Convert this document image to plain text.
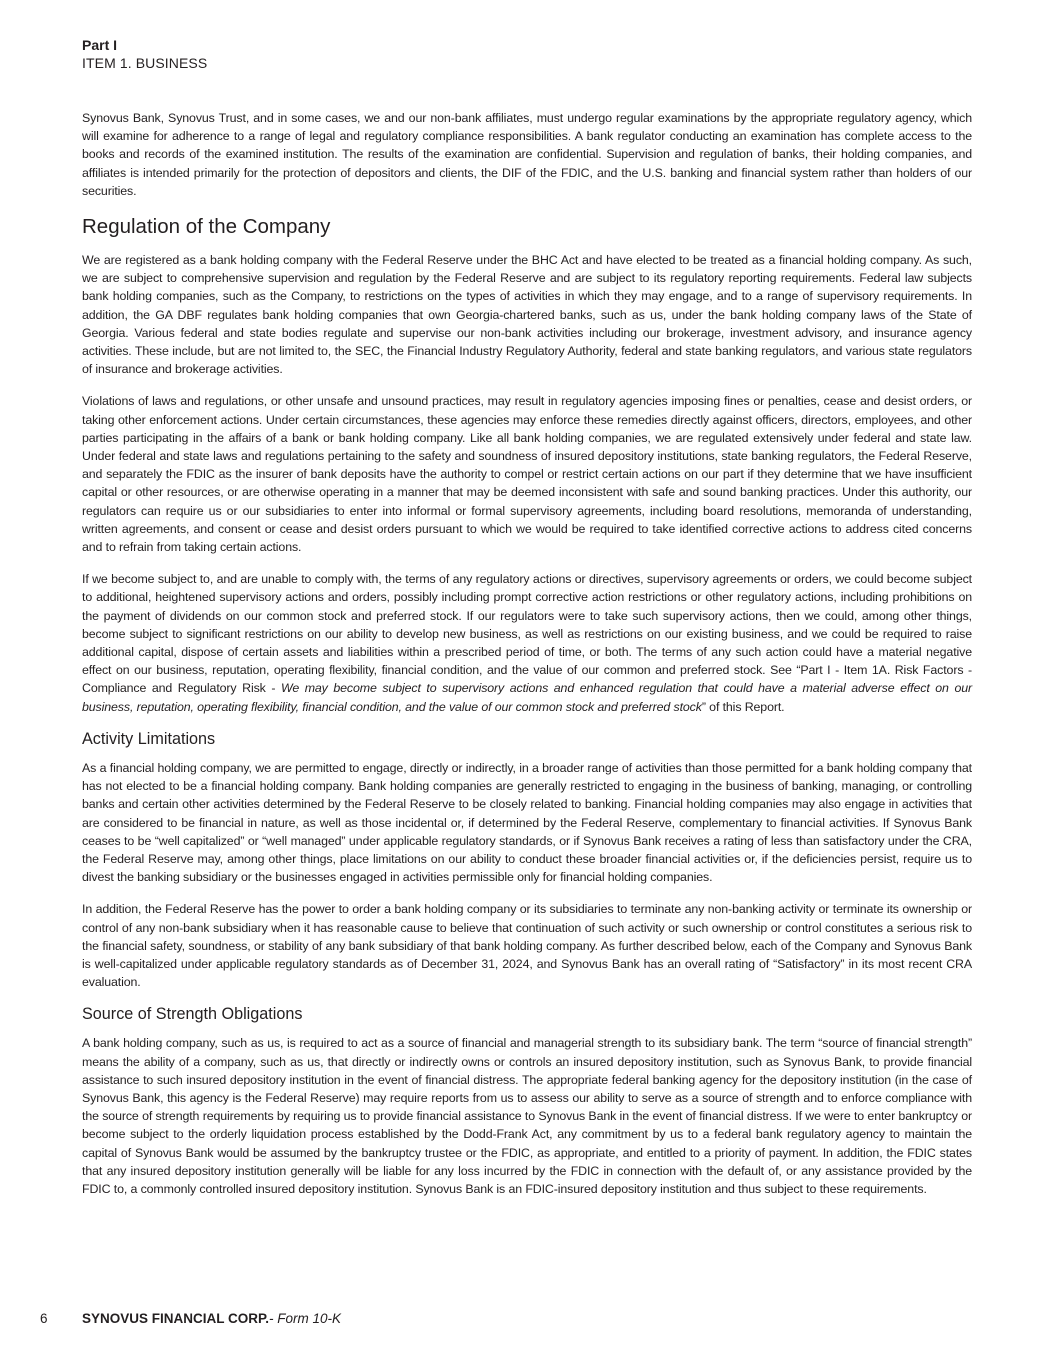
Part I
ITEM 1. BUSINESS

Synovus Bank, Synovus Trust, and in some cases, we and our non-bank affiliates, must undergo regular examinations by the appropriate regulatory agency, which will examine for adherence to a range of legal and regulatory compliance responsibilities. A bank regulator conducting an examination has complete access to the books and records of the examined institution. The results of the examination are confidential. Supervision and regulation of banks, their holding companies, and affiliates is intended primarily for the protection of depositors and clients, the DIF of the FDIC, and the U.S. banking and financial system rather than holders of our securities.

Regulation of the Company

We are registered as a bank holding company with the Federal Reserve under the BHC Act and have elected to be treated as a financial holding company. As such, we are subject to comprehensive supervision and regulation by the Federal Reserve and are subject to its regulatory reporting requirements. Federal law subjects bank holding companies, such as the Company, to restrictions on the types of activities in which they may engage, and to a range of supervisory requirements. In addition, the GA DBF regulates bank holding companies that own Georgia-chartered banks, such as us, under the bank holding company laws of the State of Georgia. Various federal and state bodies regulate and supervise our non-bank activities including our brokerage, investment advisory, and insurance agency activities. These include, but are not limited to, the SEC, the Financial Industry Regulatory Authority, federal and state banking regulators, and various state regulators of insurance and brokerage activities.

Violations of laws and regulations, or other unsafe and unsound practices, may result in regulatory agencies imposing fines or penalties, cease and desist orders, or taking other enforcement actions. Under certain circumstances, these agencies may enforce these remedies directly against officers, directors, employees, and other parties participating in the affairs of a bank or bank holding company. Like all bank holding companies, we are regulated extensively under federal and state law. Under federal and state laws and regulations pertaining to the safety and soundness of insured depository institutions, state banking regulators, the Federal Reserve, and separately the FDIC as the insurer of bank deposits have the authority to compel or restrict certain actions on our part if they determine that we have insufficient capital or other resources, or are otherwise operating in a manner that may be deemed inconsistent with safe and sound banking practices. Under this authority, our regulators can require us or our subsidiaries to enter into informal or formal supervisory agreements, including board resolutions, memoranda of understanding, written agreements, and consent or cease and desist orders pursuant to which we would be required to take identified corrective actions to address cited concerns and to refrain from taking certain actions.

If we become subject to, and are unable to comply with, the terms of any regulatory actions or directives, supervisory agreements or orders, we could become subject to additional, heightened supervisory actions and orders, possibly including prompt corrective action restrictions or other regulatory actions, including prohibitions on the payment of dividends on our common stock and preferred stock. If our regulators were to take such supervisory actions, then we could, among other things, become subject to significant restrictions on our ability to develop new business, as well as restrictions on our existing business, and we could be required to raise additional capital, dispose of certain assets and liabilities within a prescribed period of time, or both. The terms of any such action could have a material negative effect on our business, reputation, operating flexibility, financial condition, and the value of our common and preferred stock. See “Part I - Item 1A. Risk Factors - Compliance and Regulatory Risk - We may become subject to supervisory actions and enhanced regulation that could have a material adverse effect on our business, reputation, operating flexibility, financial condition, and the value of our common stock and preferred stock” of this Report.

Activity Limitations

As a financial holding company, we are permitted to engage, directly or indirectly, in a broader range of activities than those permitted for a bank holding company that has not elected to be a financial holding company. Bank holding companies are generally restricted to engaging in the business of banking, managing, or controlling banks and certain other activities determined by the Federal Reserve to be closely related to banking. Financial holding companies may also engage in activities that are considered to be financial in nature, as well as those incidental or, if determined by the Federal Reserve, complementary to financial activities. If Synovus Bank ceases to be “well capitalized” or “well managed” under applicable regulatory standards, or if Synovus Bank receives a rating of less than satisfactory under the CRA, the Federal Reserve may, among other things, place limitations on our ability to conduct these broader financial activities or, if the deficiencies persist, require us to divest the banking subsidiary or the businesses engaged in activities permissible only for financial holding companies.

In addition, the Federal Reserve has the power to order a bank holding company or its subsidiaries to terminate any non-banking activity or terminate its ownership or control of any non-bank subsidiary when it has reasonable cause to believe that continuation of such activity or such ownership or control constitutes a serious risk to the financial safety, soundness, or stability of any bank subsidiary of that bank holding company. As further described below, each of the Company and Synovus Bank is well-capitalized under applicable regulatory standards as of December 31, 2024, and Synovus Bank has an overall rating of “Satisfactory” in its most recent CRA evaluation.

Source of Strength Obligations

A bank holding company, such as us, is required to act as a source of financial and managerial strength to its subsidiary bank. The term “source of financial strength” means the ability of a company, such as us, that directly or indirectly owns or controls an insured depository institution, such as Synovus Bank, to provide financial assistance to such insured depository institution in the event of financial distress. The appropriate federal banking agency for the depository institution (in the case of Synovus Bank, this agency is the Federal Reserve) may require reports from us to assess our ability to serve as a source of strength and to enforce compliance with the source of strength requirements by requiring us to provide financial assistance to Synovus Bank in the event of financial distress. If we were to enter bankruptcy or become subject to the orderly liquidation process established by the Dodd-Frank Act, any commitment by us to a federal bank regulatory agency to maintain the capital of Synovus Bank would be assumed by the bankruptcy trustee or the FDIC, as appropriate, and entitled to a priority of payment. In addition, the FDIC states that any insured depository institution generally will be liable for any loss incurred by the FDIC in connection with the default of, or any assistance provided by the FDIC to, a commonly controlled insured depository institution. Synovus Bank is an FDIC-insured depository institution and thus subject to these requirements.

6	SYNOVUS FINANCIAL CORP. - Form 10-K
